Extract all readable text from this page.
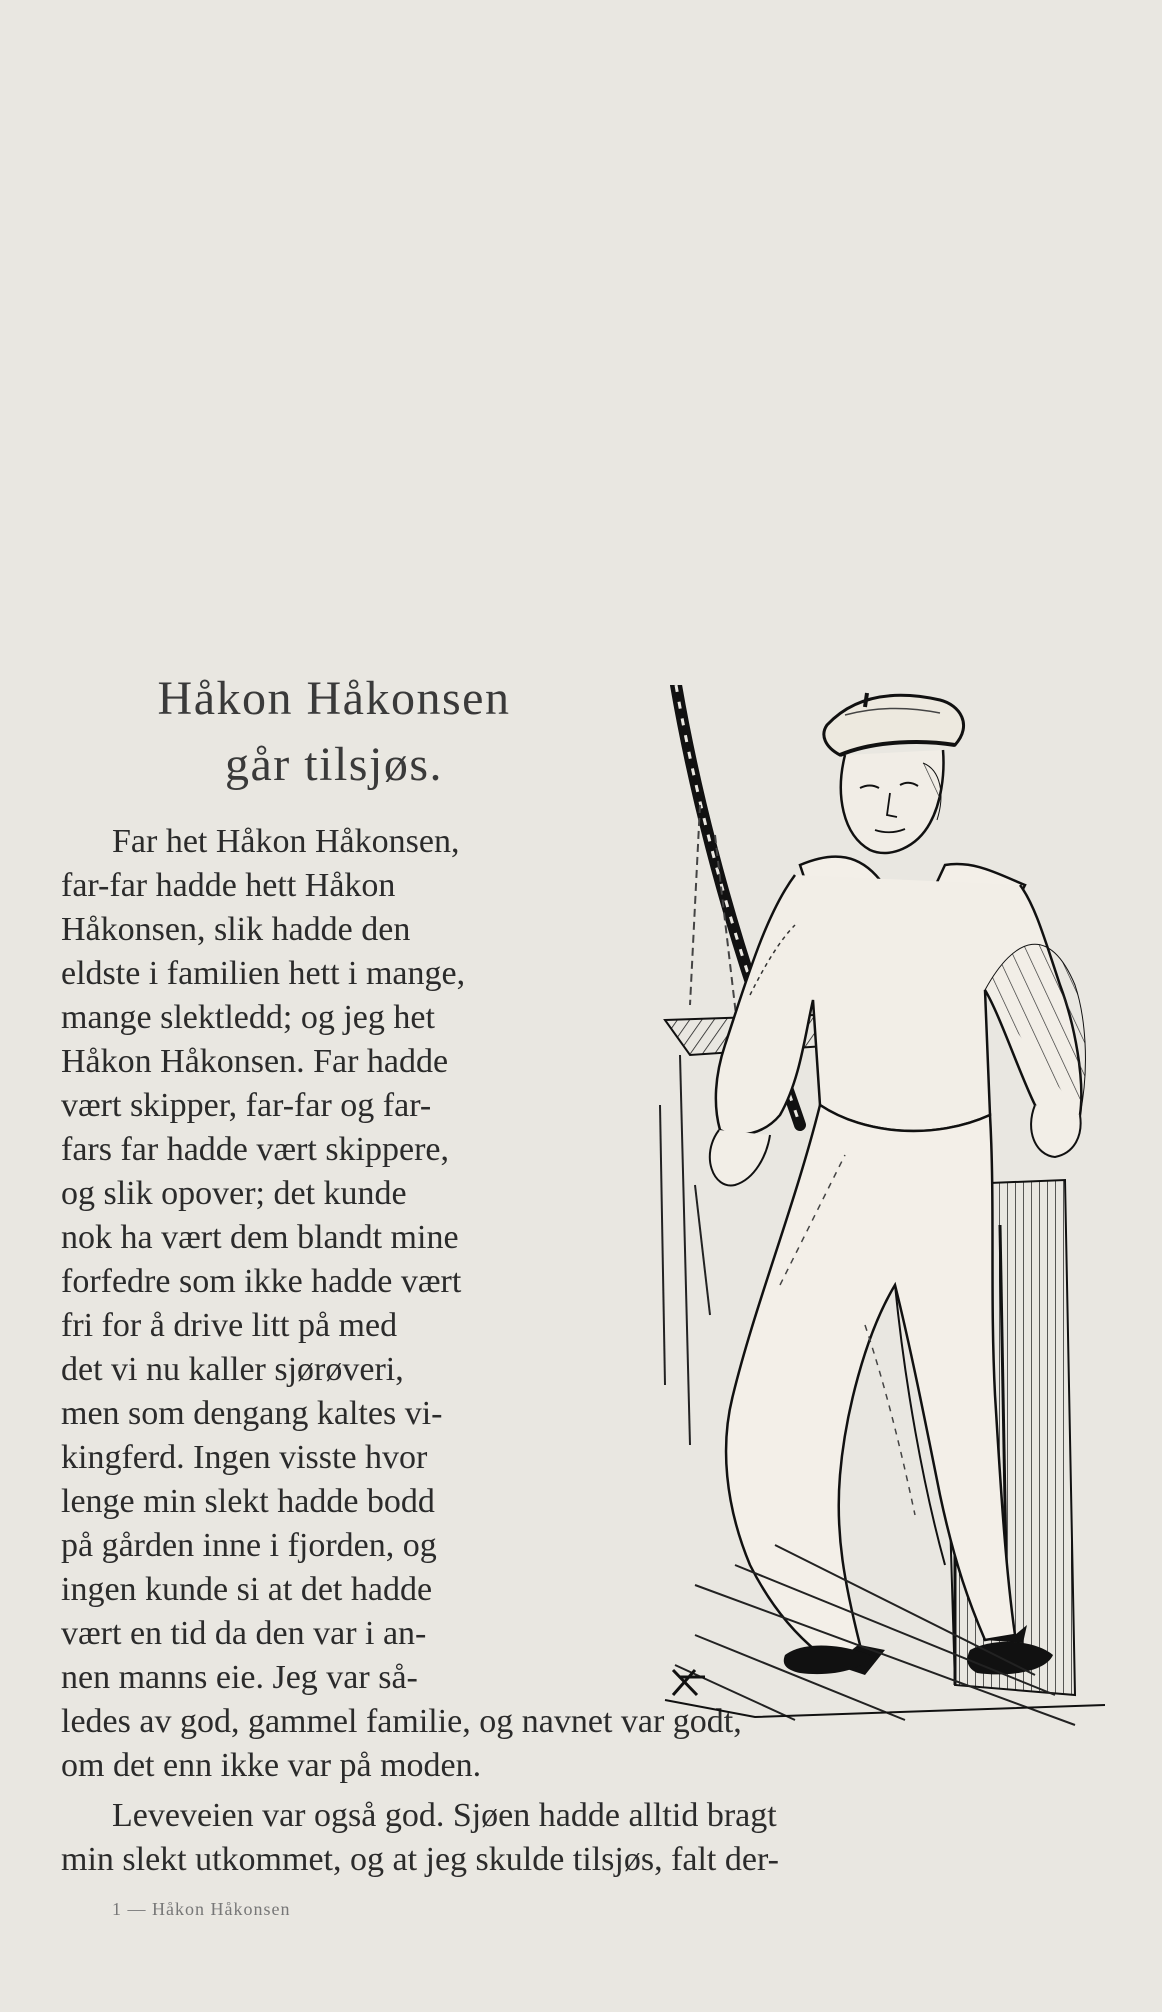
Håkon Håkonsen
går tilsjøs.
Far het Håkon Håkonsen,
far-far hadde hett Håkon
Håkonsen, slik hadde den
eldste i familien hett i mange,
mange slektledd; og jeg het
Håkon Håkonsen. Far hadde
vært skipper, far-far og far-
fars far hadde vært skippere,
og slik opover; det kunde
nok ha vært dem blandt mine
forfedre som ikke hadde vært
fri for å drive litt på med
det vi nu kaller sjørøveri,
men som dengang kaltes vi-
kingferd. Ingen visste hvor
lenge min slekt hadde bodd
på gården inne i fjorden, og
ingen kunde si at det hadde
vært en tid da den var i an-
nen manns eie. Jeg var så-
ledes av god, gammel familie, og navnet var godt,
om det enn ikke var på moden.
Leveveien var også god. Sjøen hadde alltid bragt
min slekt utkommet, og at jeg skulde tilsjøs, falt der-
1 — Håkon Håkonsen
